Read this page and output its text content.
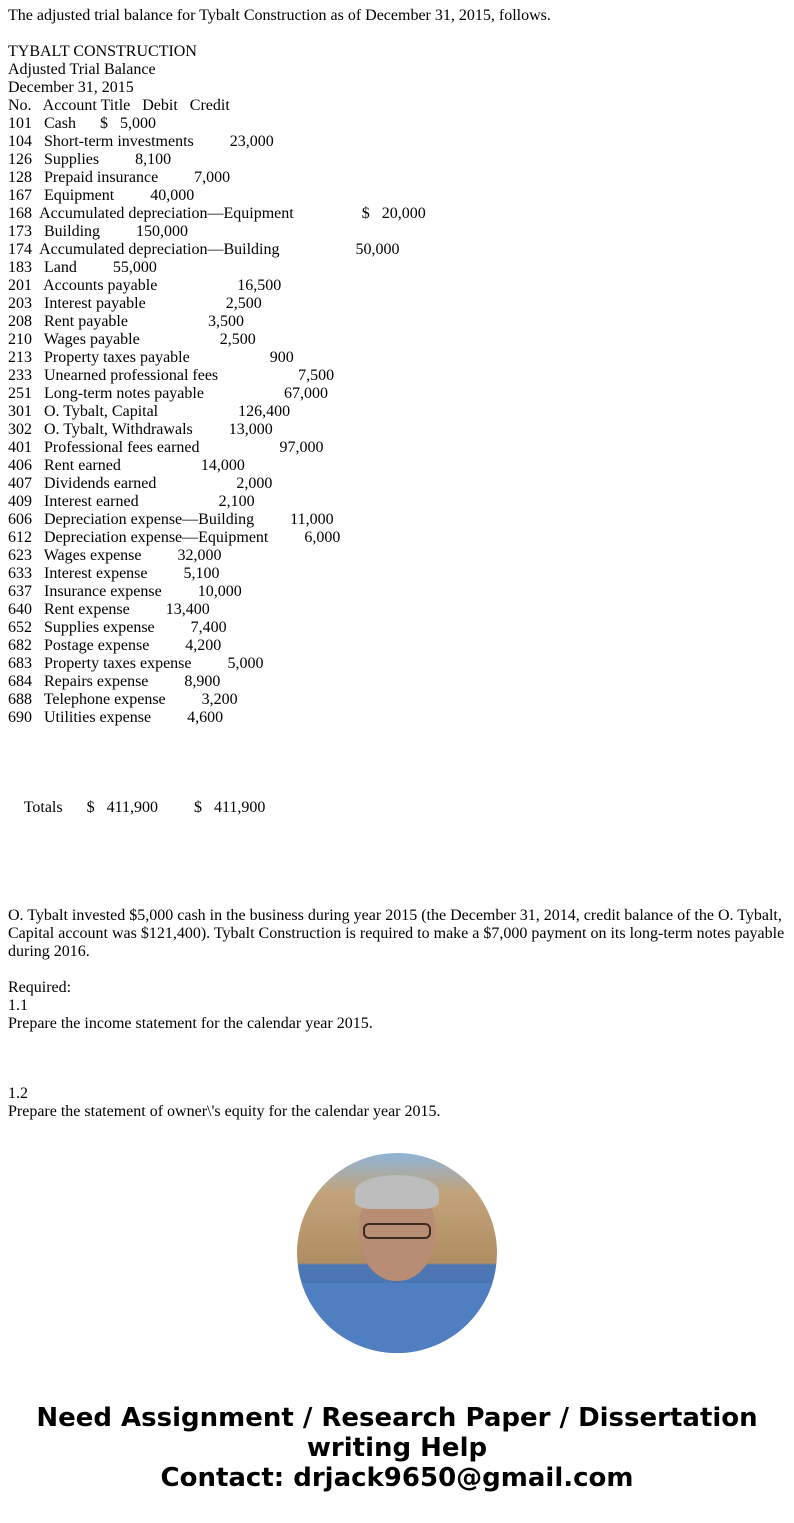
The adjusted trial balance for Tybalt Construction as of December 31, 2015, follows.
TYBALT CONSTRUCTION
Adjusted Trial Balance
December 31, 2015
No.   Account Title   Debit   Credit
101   Cash      $   5,000
104   Short-term investments         23,000
126   Supplies         8,100
128   Prepaid insurance         7,000
167   Equipment         40,000
168  Accumulated depreciation—Equipment                 $   20,000
173   Building         150,000
174  Accumulated depreciation—Building                   50,000
183   Land         55,000
201   Accounts payable                    16,500
203   Interest payable                    2,500
208   Rent payable                    3,500
210   Wages payable                    2,500
213   Property taxes payable                    900
233   Unearned professional fees                    7,500
251   Long-term notes payable                    67,000
301   O. Tybalt, Capital                    126,400
302   O. Tybalt, Withdrawals         13,000
401   Professional fees earned                    97,000
406   Rent earned                    14,000
407   Dividends earned                    2,000
409   Interest earned                    2,100
606   Depreciation expense—Building         11,000
612   Depreciation expense—Equipment         6,000
623   Wages expense         32,000
633   Interest expense         5,100
637   Insurance expense         10,000
640   Rent expense         13,400
652   Supplies expense         7,400
682   Postage expense         4,200
683   Property taxes expense         5,000
684   Repairs expense         8,900
688   Telephone expense         3,200
690   Utilities expense         4,600
Totals      $   411,900         $   411,900
O. Tybalt invested $5,000 cash in the business during year 2015 (the December 31, 2014, credit balance of the O. Tybalt, Capital account was $121,400). Tybalt Construction is required to make a $7,000 payment on its long-term notes payable during 2016.
Required:
1.1
Prepare the income statement for the calendar year 2015.
1.2
Prepare the statement of owner\'s equity for the calendar year 2015.
Need Assignment / Research Paper / Dissertation
writing Help
Contact: drjack9650@gmail.com
